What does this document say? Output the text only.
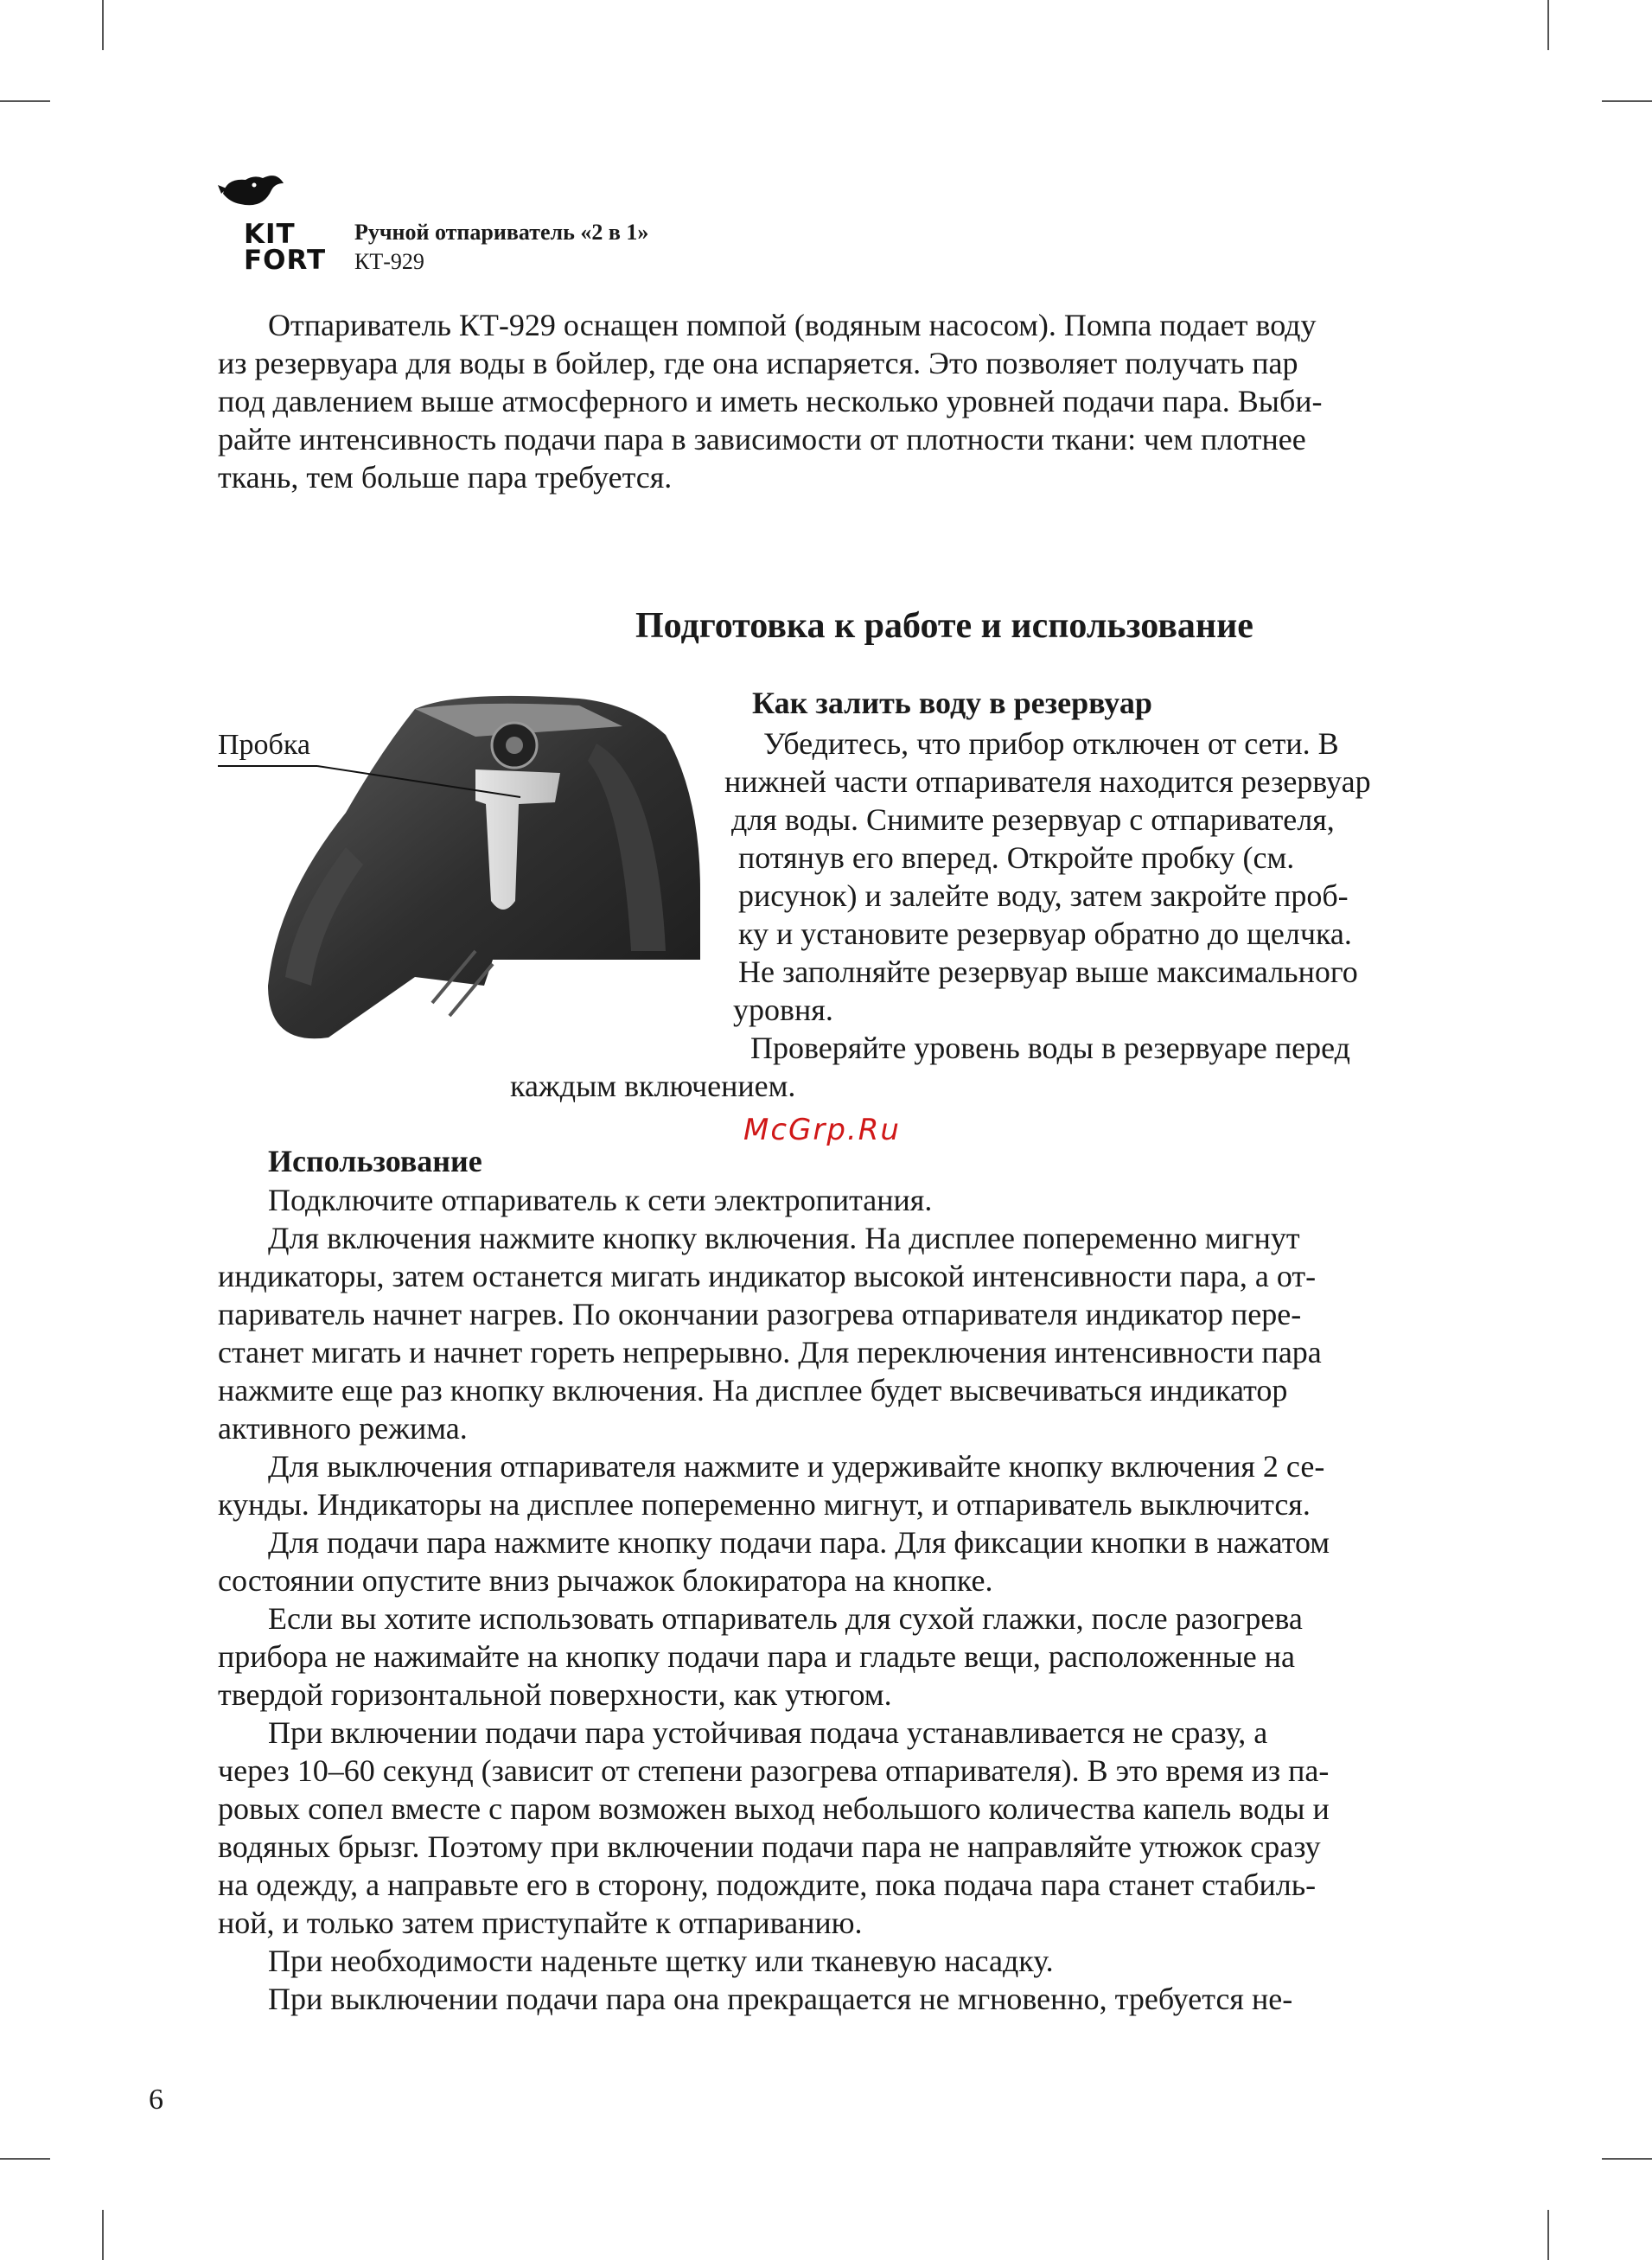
KIT
FORT
Ручной отпариватель «2 в 1»
КТ-929
Отпариватель КТ-929 оснащен помпой (водяным насосом). Помпа подает воду
из резервуара для воды в бойлер, где она испаряется. Это позволяет получать пар
под давлением выше атмосферного и иметь несколько уровней подачи пара. Выби-
райте интенсивность подачи пара в зависимости от плотности ткани: чем плотнее
ткань, тем больше пара требуется.
Подготовка к работе и использование
Пробка
Как залить воду в резервуар
Убедитесь, что прибор отключен от сети. В
нижней части отпаривателя находится резервуар
для воды. Снимите резервуар с отпаривателя,
потянув его вперед. Откройте пробку (см.
рисунок) и залейте воду, затем закройте проб-
ку и установите резервуар обратно до щелчка.
Не заполняйте резервуар выше максимального
уровня.
Проверяйте уровень воды в резервуаре перед
каждым включением.
McGrp.Ru
Использование
Подключите отпариватель к сети электропитания.
Для включения нажмите кнопку включения. На дисплее попеременно мигнут
индикаторы, затем останется мигать индикатор высокой интенсивности пара, а от-
париватель начнет нагрев. По окончании разогрева отпаривателя индикатор пере-
станет мигать и начнет гореть непрерывно. Для переключения интенсивности пара
нажмите еще раз кнопку включения. На дисплее будет высвечиваться индикатор
активного режима.
Для выключения отпаривателя нажмите и удерживайте кнопку включения 2 се-
кунды. Индикаторы на дисплее попеременно мигнут, и отпариватель выключится.
Для подачи пара нажмите кнопку подачи пара. Для фиксации кнопки в нажатом
состоянии опустите вниз рычажок блокиратора на кнопке.
Если вы хотите использовать отпариватель для сухой глажки, после разогрева
прибора не нажимайте на кнопку подачи пара и гладьте вещи, расположенные на
твердой горизонтальной поверхности, как утюгом.
При включении подачи пара устойчивая подача устанавливается не сразу, а
через 10–60 секунд (зависит от степени разогрева отпаривателя). В это время из па-
ровых сопел вместе с паром возможен выход небольшого количества капель воды и
водяных брызг. Поэтому при включении подачи пара не направляйте утюжок сразу
на одежду, а направьте его в сторону, подождите, пока подача пара станет стабиль-
ной, и только затем приступайте к отпариванию.
При необходимости наденьте щетку или тканевую насадку.
При выключении подачи пара она прекращается не мгновенно, требуется не-
6
